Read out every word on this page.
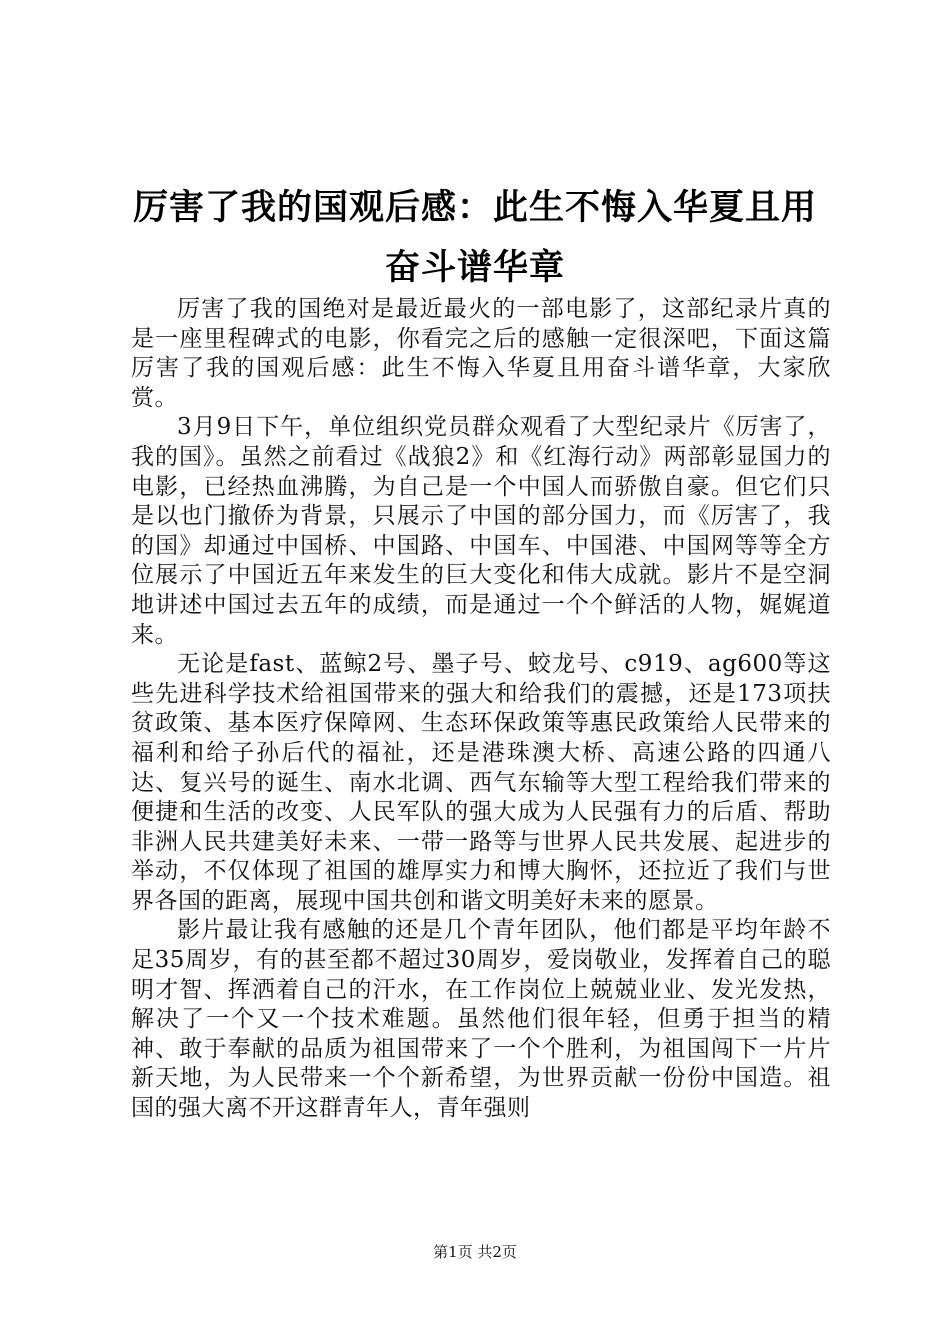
厉害了我的国观后感：此生不悔入华夏且用奋斗谱华章

厉害了我的国绝对是最近最火的一部电影了，这部纪录片真的是一座里程碑式的电影，你看完之后的感触一定很深吧，下面这篇厉害了我的国观后感：此生不悔入华夏且用奋斗谱华章，大家欣赏。

3月9日下午，单位组织党员群众观看了大型纪录片《厉害了，我的国》。虽然之前看过《战狼2》和《红海行动》两部彰显国力的电影，已经热血沸腾，为自己是一个中国人而骄傲自豪。但它们只是以也门撤侨为背景，只展示了中国的部分国力，而《厉害了，我的国》却通过中国桥、中国路、中国车、中国港、中国网等等全方位展示了中国近五年来发生的巨大变化和伟大成就。影片不是空洞地讲述中国过去五年的成绩，而是通过一个个鲜活的人物，娓娓道来。

无论是fast、蓝鲸2号、墨子号、蛟龙号、c919、ag600等这些先进科学技术给祖国带来的强大和给我们的震撼，还是173项扶贫政策、基本医疗保障网、生态环保政策等惠民政策给人民带来的福利和给子孙后代的福祉，还是港珠澳大桥、高速公路的四通八达、复兴号的诞生、南水北调、西气东输等大型工程给我们带来的便捷和生活的改变、人民军队的强大成为人民强有力的后盾、帮助非洲人民共建美好未来、一带一路等与世界人民共发展、起进步的举动，不仅体现了祖国的雄厚实力和博大胸怀，还拉近了我们与世界各国的距离，展现中国共创和谐文明美好未来的愿景。

影片最让我有感触的还是几个青年团队，他们都是平均年龄不足35周岁，有的甚至都不超过30周岁，爱岗敬业，发挥着自己的聪明才智、挥洒着自己的汗水，在工作岗位上兢兢业业、发光发热，解决了一个又一个技术难题。虽然他们很年轻，但勇于担当的精神、敢于奉献的品质为祖国带来了一个个胜利，为祖国闯下一片片新天地，为人民带来一个个新希望，为世界贡献一份份中国造。祖国的强大离不开这群青年人，青年强则

第1页 共2页
